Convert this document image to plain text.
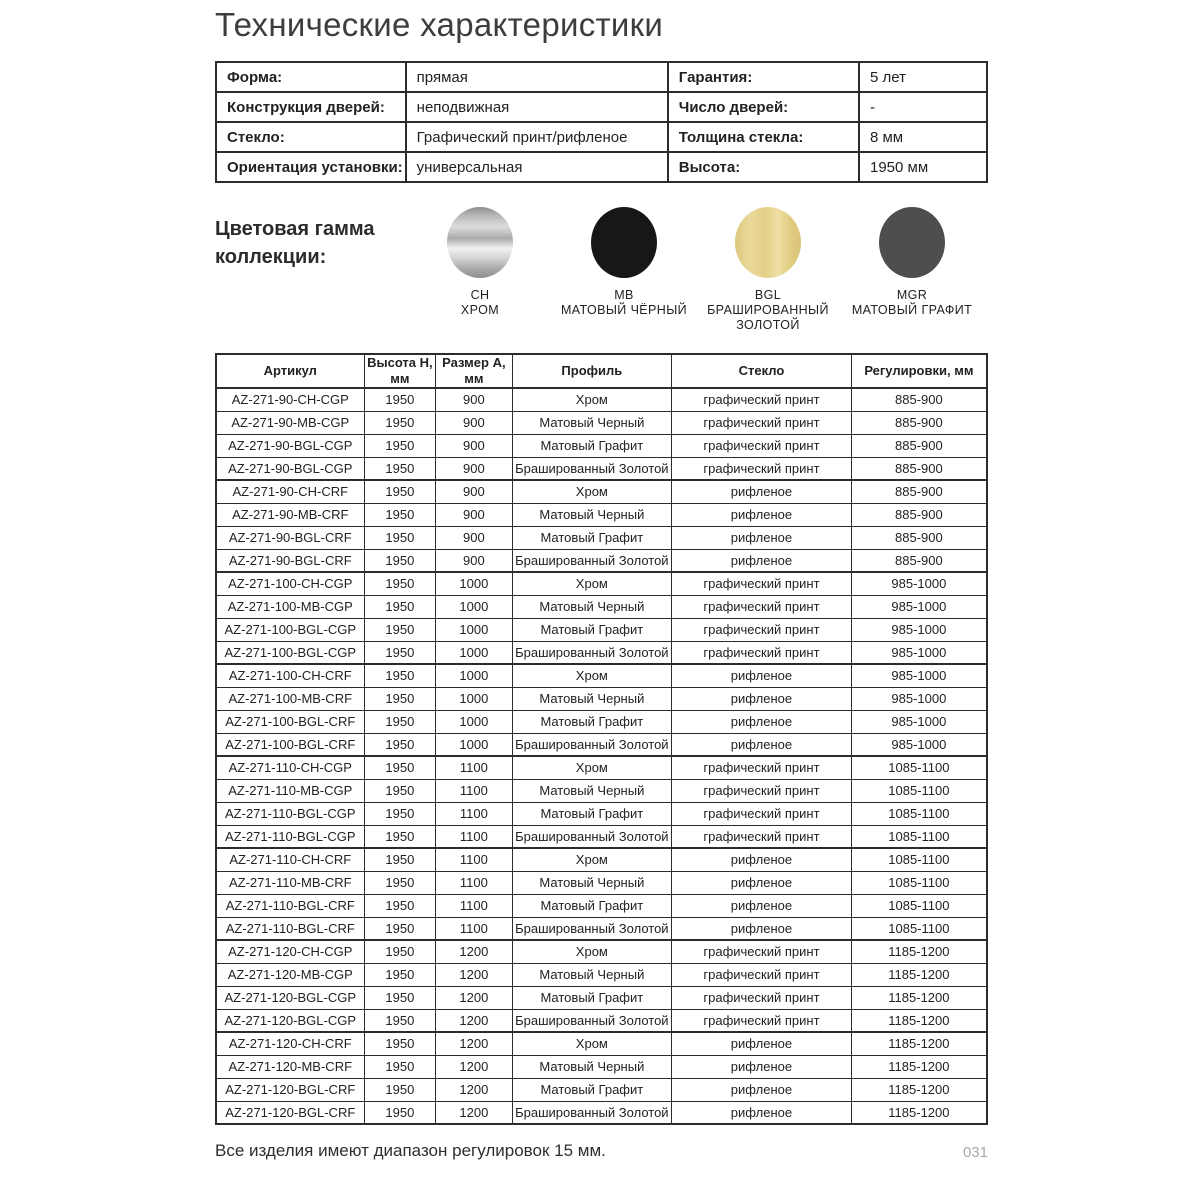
Технические характеристики
Форма:	прямая	Гарантия:	5 лет
Конструкция дверей:	неподвижная	Число дверей:	-
Стекло:	Графический принт/рифленое	Толщина стекла:	8 мм
Ориентация установки:	универсальная	Высота:	1950 мм
Цветовая гамма коллекции:
CH
ХРОМ
MB
МАТОВЫЙ ЧЁРНЫЙ
BGL
БРАШИРОВАННЫЙ ЗОЛОТОЙ
MGR
МАТОВЫЙ ГРАФИТ
Артикул	Высота H, мм	Размер A, мм	Профиль	Стекло	Регулировки, мм
AZ-271-90-CH-CGP	1950	900	Хром	графический принт	885-900
AZ-271-90-MB-CGP	1950	900	Матовый Черный	графический принт	885-900
AZ-271-90-BGL-CGP	1950	900	Матовый Графит	графический принт	885-900
AZ-271-90-BGL-CGP	1950	900	Брашированный Золотой	графический принт	885-900
AZ-271-90-CH-CRF	1950	900	Хром	рифленое	885-900
AZ-271-90-MB-CRF	1950	900	Матовый Черный	рифленое	885-900
AZ-271-90-BGL-CRF	1950	900	Матовый Графит	рифленое	885-900
AZ-271-90-BGL-CRF	1950	900	Брашированный Золотой	рифленое	885-900
AZ-271-100-CH-CGP	1950	1000	Хром	графический принт	985-1000
AZ-271-100-MB-CGP	1950	1000	Матовый Черный	графический принт	985-1000
AZ-271-100-BGL-CGP	1950	1000	Матовый Графит	графический принт	985-1000
AZ-271-100-BGL-CGP	1950	1000	Брашированный Золотой	графический принт	985-1000
AZ-271-100-CH-CRF	1950	1000	Хром	рифленое	985-1000
AZ-271-100-MB-CRF	1950	1000	Матовый Черный	рифленое	985-1000
AZ-271-100-BGL-CRF	1950	1000	Матовый Графит	рифленое	985-1000
AZ-271-100-BGL-CRF	1950	1000	Брашированный Золотой	рифленое	985-1000
AZ-271-110-CH-CGP	1950	1100	Хром	графический принт	1085-1100
AZ-271-110-MB-CGP	1950	1100	Матовый Черный	графический принт	1085-1100
AZ-271-110-BGL-CGP	1950	1100	Матовый Графит	графический принт	1085-1100
AZ-271-110-BGL-CGP	1950	1100	Брашированный Золотой	графический принт	1085-1100
AZ-271-110-CH-CRF	1950	1100	Хром	рифленое	1085-1100
AZ-271-110-MB-CRF	1950	1100	Матовый Черный	рифленое	1085-1100
AZ-271-110-BGL-CRF	1950	1100	Матовый Графит	рифленое	1085-1100
AZ-271-110-BGL-CRF	1950	1100	Брашированный Золотой	рифленое	1085-1100
AZ-271-120-CH-CGP	1950	1200	Хром	графический принт	1185-1200
AZ-271-120-MB-CGP	1950	1200	Матовый Черный	графический принт	1185-1200
AZ-271-120-BGL-CGP	1950	1200	Матовый Графит	графический принт	1185-1200
AZ-271-120-BGL-CGP	1950	1200	Брашированный Золотой	графический принт	1185-1200
AZ-271-120-CH-CRF	1950	1200	Хром	рифленое	1185-1200
AZ-271-120-MB-CRF	1950	1200	Матовый Черный	рифленое	1185-1200
AZ-271-120-BGL-CRF	1950	1200	Матовый Графит	рифленое	1185-1200
AZ-271-120-BGL-CRF	1950	1200	Брашированный Золотой	рифленое	1185-1200
Все изделия имеют диапазон регулировок 15 мм.	031
